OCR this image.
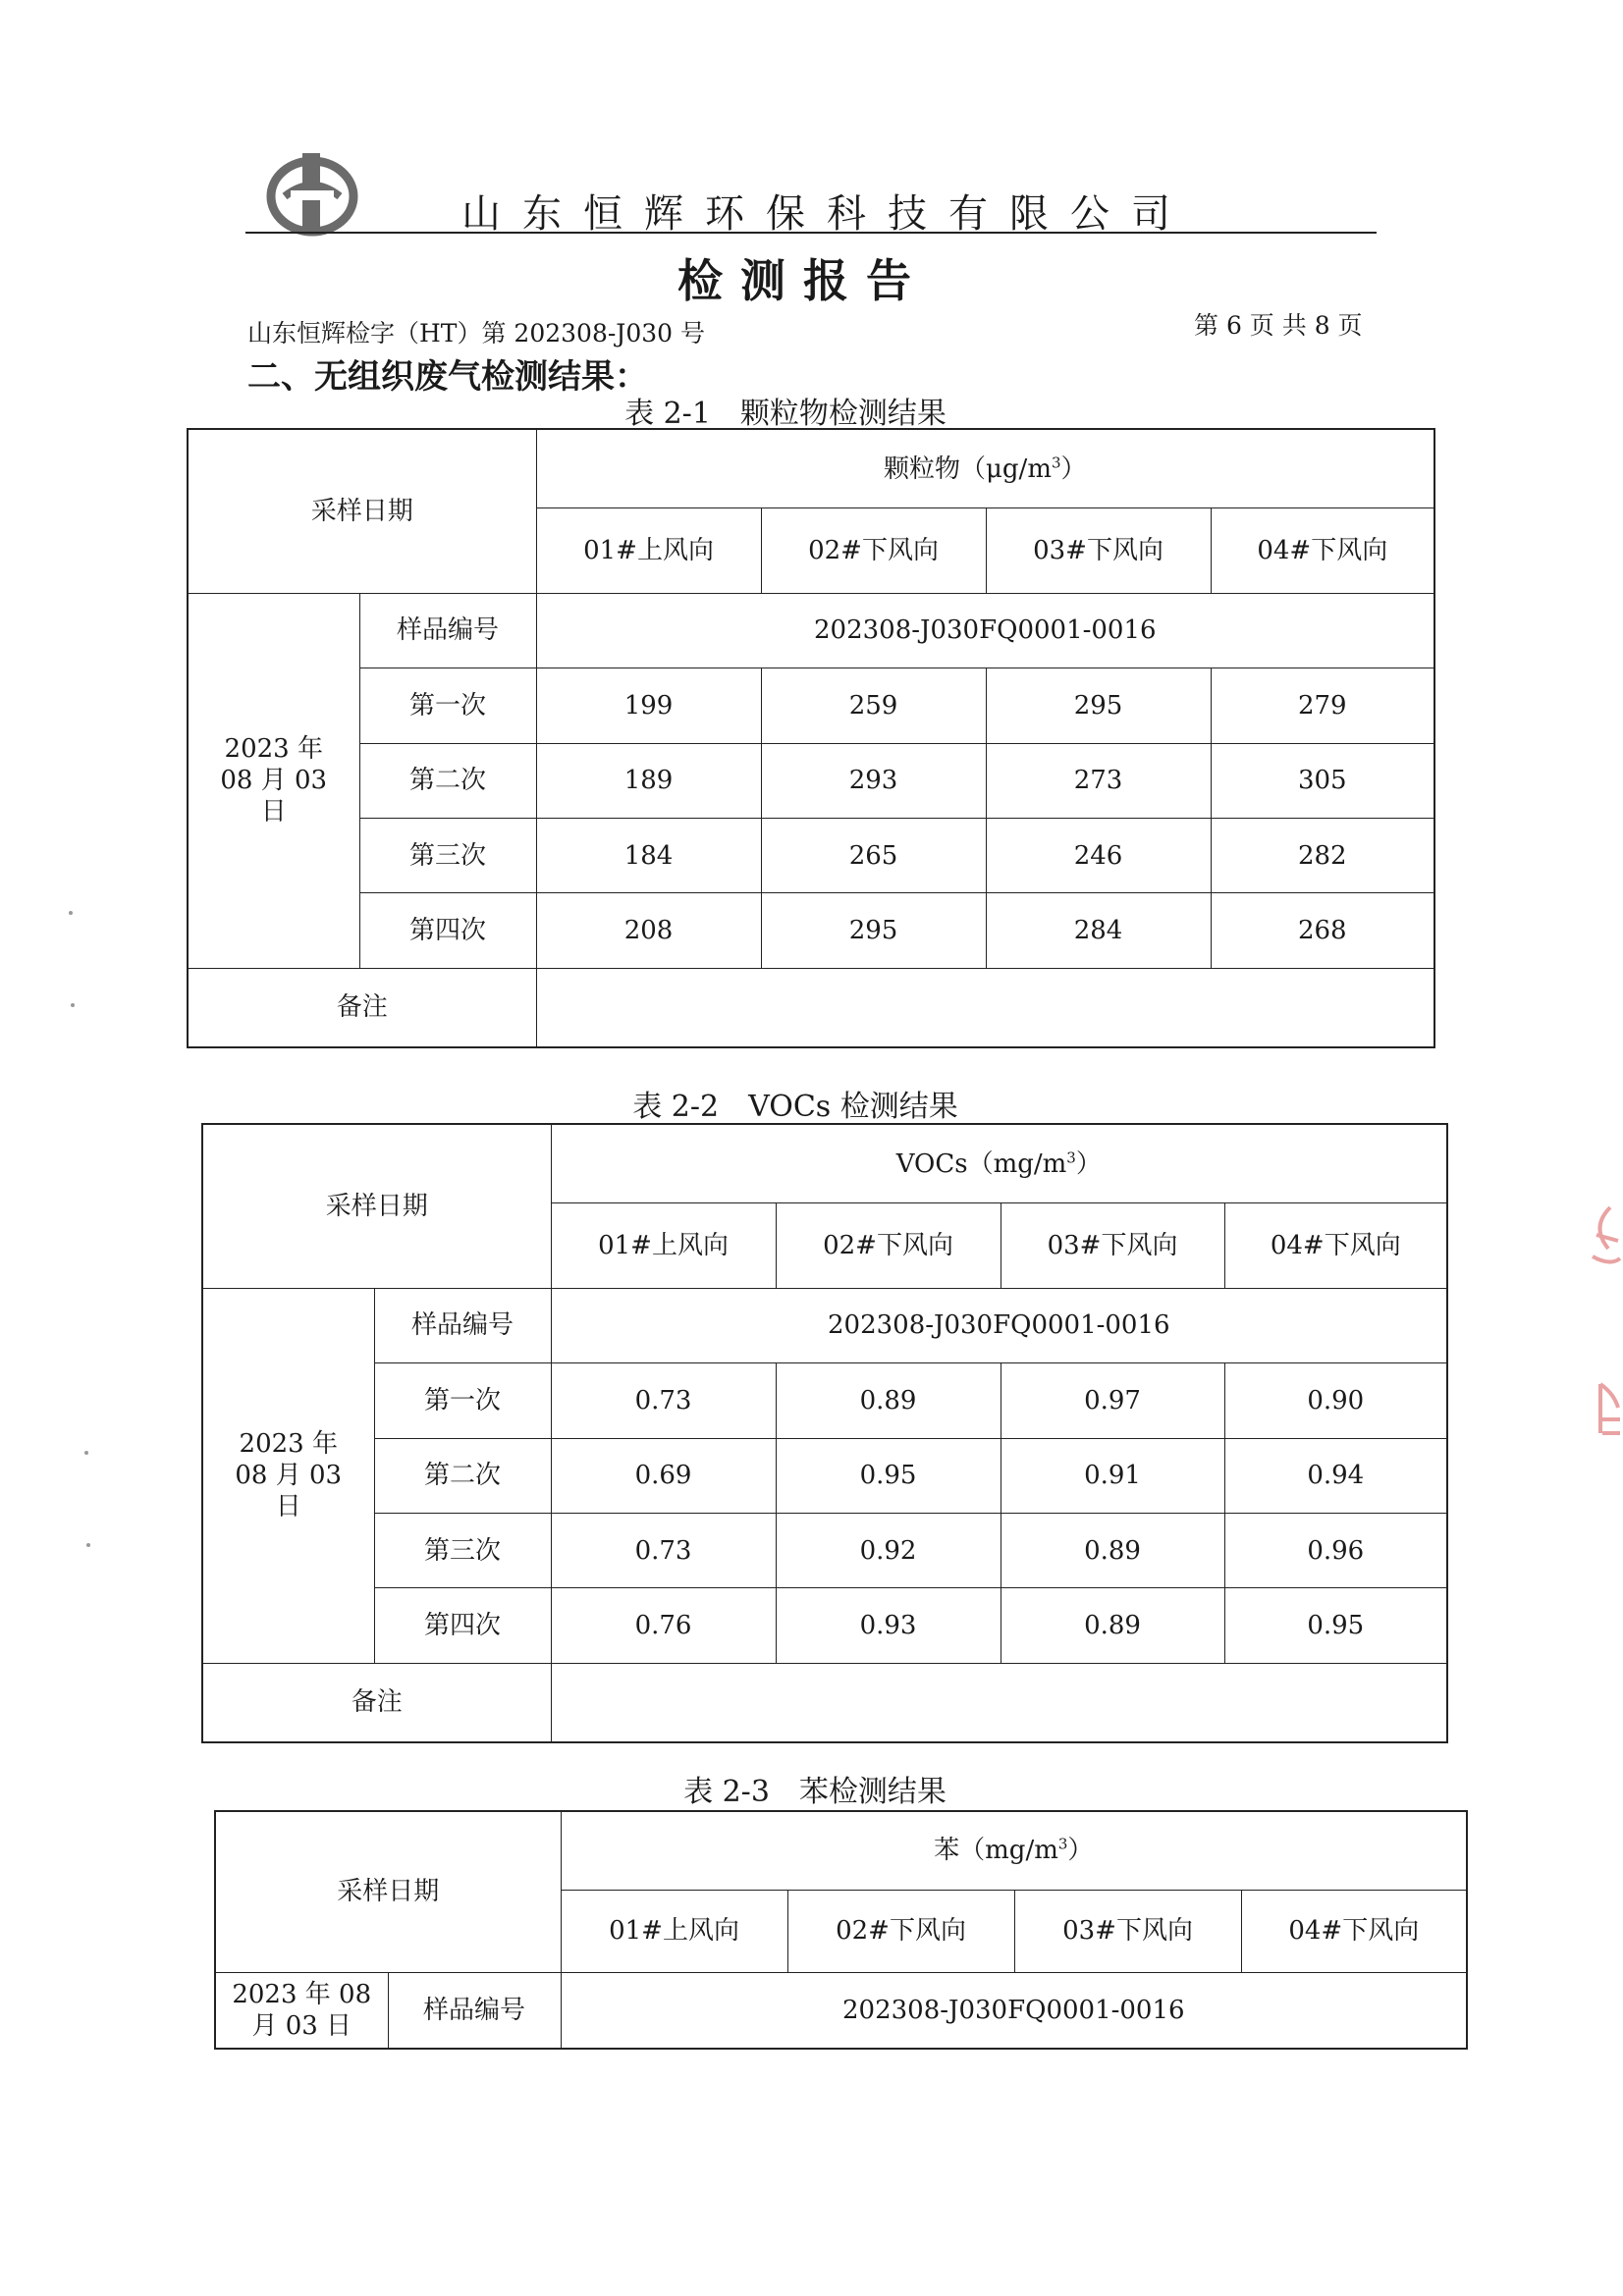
山东恒辉环保科技有限公司
检测报告
山东恒辉检字（HT）第 202308-J030 号	第 6 页 共 8 页
二、无组织废气检测结果：
表 2-1　颗粒物检测结果
采样日期		颗粒物$(\mu g/m^3)$			
		01#上风向	02#下风向	03#下风向	04#下风向
2023 年 08 月 03 日	样品编号	202308-J030FQ0001-0016			
	第一次	199	259	295	279
	第二次	189	293	273	305
	第三次	184	265	246	282
	第四次	208	295	284	268
备注					
表 2-2　VOCs 检测结果
采样日期		$VOCs(mg/m^3)$			
		01#上风向	02#下风向	03#下风向	04#下风向
2023 年 08 月 03 日	样品编号	202308-J030FQ0001-0016			
	第一次	0.73	0.89	0.97	0.90
	第二次	0.69	0.95	0.91	0.94
	第三次	0.73	0.92	0.89	0.96
	第四次	0.76	0.93	0.89	0.95
备注					
表 2-3　苯检测结果
采样日期		苯$(mg/m^3)$			
		01#上风向	02#下风向	03#下风向	04#下风向
2023 年 08 月 03 日	样品编号	202308-J030FQ0001-0016			
